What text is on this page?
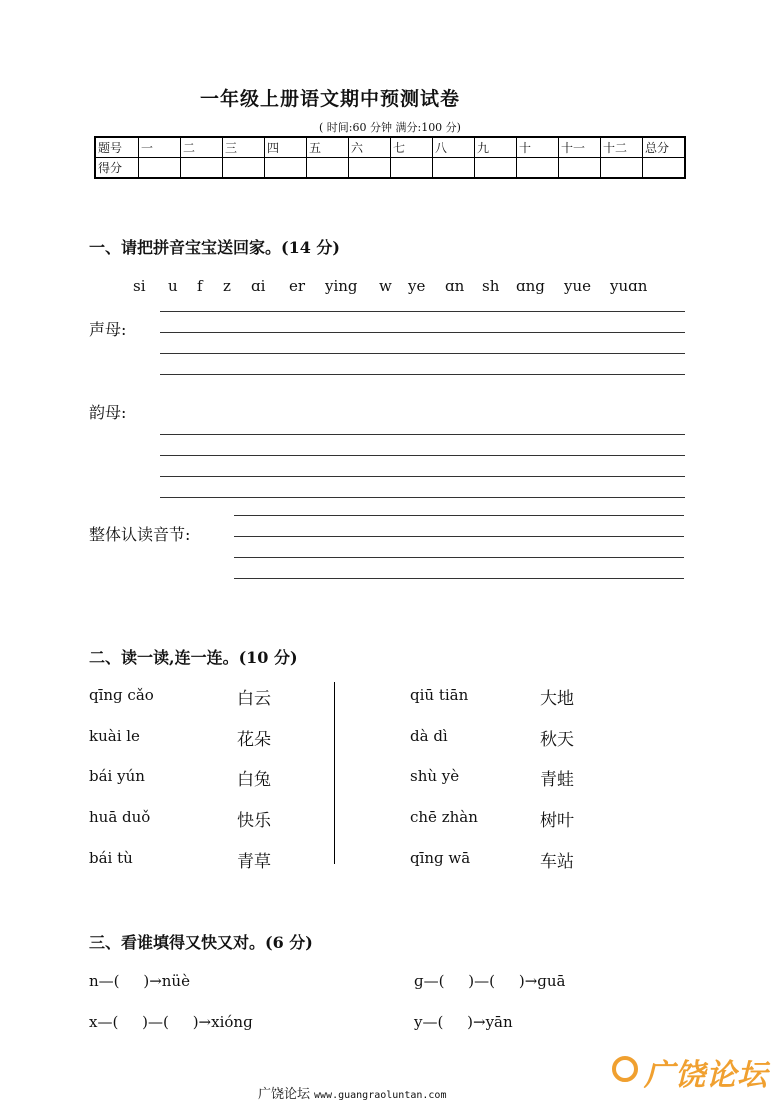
一年级上册语文期中预测试卷
( 时间:60 分钟 满分:100 分)
题号	一	二	三	四	五	六	七	八	九	十	十一	十二	总分
得分													
一、请把拼音宝宝送回家。(14 分)
si u f z ɑi er ying w ye ɑn sh ɑng yue yuɑn
声母:
韵母:
整体认读音节:
二、读一读,连一连。(10 分)
qīnɡ cǎo	白云
kuài le	花朵
bái yún	白兔
huā duǒ	快乐
bái tù	青草
qiū tiān	大地
dà dì	秋天
shù yè	青蛙
chē zhàn	树叶
qīnɡ wā	车站
三、看谁填得又快又对。(6 分)
n—(     )→nüè	ɡ—(     )—(     )→ɡuā
x—(     )—(     )→xiónɡ	y—(     )→yān
广饶论坛 www.guangraoluntan.com
广饶论坛
